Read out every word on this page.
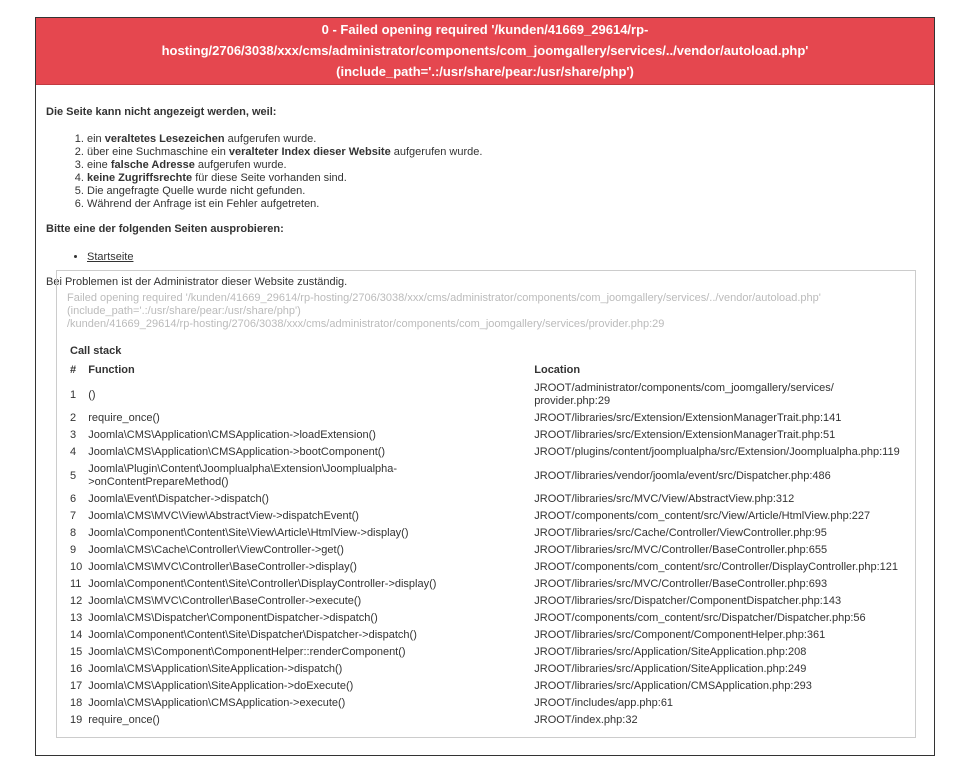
0 - Failed opening required '/kunden/41669_29614/rp-hosting/2706/3038/xxx/cms/administrator/components/com_joomgallery/services/../vendor/autoload.php'
(include_path='.:/usr/share/pear:/usr/share/php')

Die Seite kann nicht angezeigt werden, weil:

1. ein veraltetes Lesezeichen aufgerufen wurde.
2. über eine Suchmaschine ein veralteter Index dieser Website aufgerufen wurde.
3. eine falsche Adresse aufgerufen wurde.
4. keine Zugriffsrechte für diese Seite vorhanden sind.
5. Die angefragte Quelle wurde nicht gefunden.
6. Während der Anfrage ist ein Fehler aufgetreten.

Bitte eine der folgenden Seiten ausprobieren:

• Startseite
Bei Problemen ist der Administrator dieser Website zuständig.
Failed opening required '/kunden/41669_29614/rp-hosting/2706/3038/xxx/cms/administrator/components/com_joomgallery/services/../vendor/autoload.php'
(include_path='.:/usr/share/pear:/usr/share/php')
/kunden/41669_29614/rp-hosting/2706/3038/xxx/cms/administrator/components/com_joomgallery/services/provider.php:29
Call stack
#	Function	Location
1	()	JROOT/administrator/components/com_joomgallery/services/
provider.php:29
2	require_once()	JROOT/libraries/src/Extension/ExtensionManagerTrait.php:141
3	Joomla\CMS\Application\CMSApplication->loadExtension()	JROOT/libraries/src/Extension/ExtensionManagerTrait.php:51
4	Joomla\CMS\Application\CMSApplication->bootComponent()	JROOT/plugins/content/joomplualpha/src/Extension/Joomplualpha.php:119
5	Joomla\Plugin\Content\Joomplualpha\Extension\Joomplualpha-
>onContentPrepareMethod()	JROOT/libraries/vendor/joomla/event/src/Dispatcher.php:486
6	Joomla\Event\Dispatcher->dispatch()	JROOT/libraries/src/MVC/View/AbstractView.php:312
7	Joomla\CMS\MVC\View\AbstractView->dispatchEvent()	JROOT/components/com_content/src/View/Article/HtmlView.php:227
8	Joomla\Component\Content\Site\View\Article\HtmlView->display()	JROOT/libraries/src/Cache/Controller/ViewController.php:95
9	Joomla\CMS\Cache\Controller\ViewController->get()	JROOT/libraries/src/MVC/Controller/BaseController.php:655
10	Joomla\CMS\MVC\Controller\BaseController->display()	JROOT/components/com_content/src/Controller/DisplayController.php:121
11	Joomla\Component\Content\Site\Controller\DisplayController->display()	JROOT/libraries/src/MVC/Controller/BaseController.php:693
12	Joomla\CMS\MVC\Controller\BaseController->execute()	JROOT/libraries/src/Dispatcher/ComponentDispatcher.php:143
13	Joomla\CMS\Dispatcher\ComponentDispatcher->dispatch()	JROOT/components/com_content/src/Dispatcher/Dispatcher.php:56
14	Joomla\Component\Content\Site\Dispatcher\Dispatcher->dispatch()	JROOT/libraries/src/Component/ComponentHelper.php:361
15	Joomla\CMS\Component\ComponentHelper::renderComponent()	JROOT/libraries/src/Application/SiteApplication.php:208
16	Joomla\CMS\Application\SiteApplication->dispatch()	JROOT/libraries/src/Application/SiteApplication.php:249
17	Joomla\CMS\Application\SiteApplication->doExecute()	JROOT/libraries/src/Application/CMSApplication.php:293
18	Joomla\CMS\Application\CMSApplication->execute()	JROOT/includes/app.php:61
19	require_once()	JROOT/index.php:32
